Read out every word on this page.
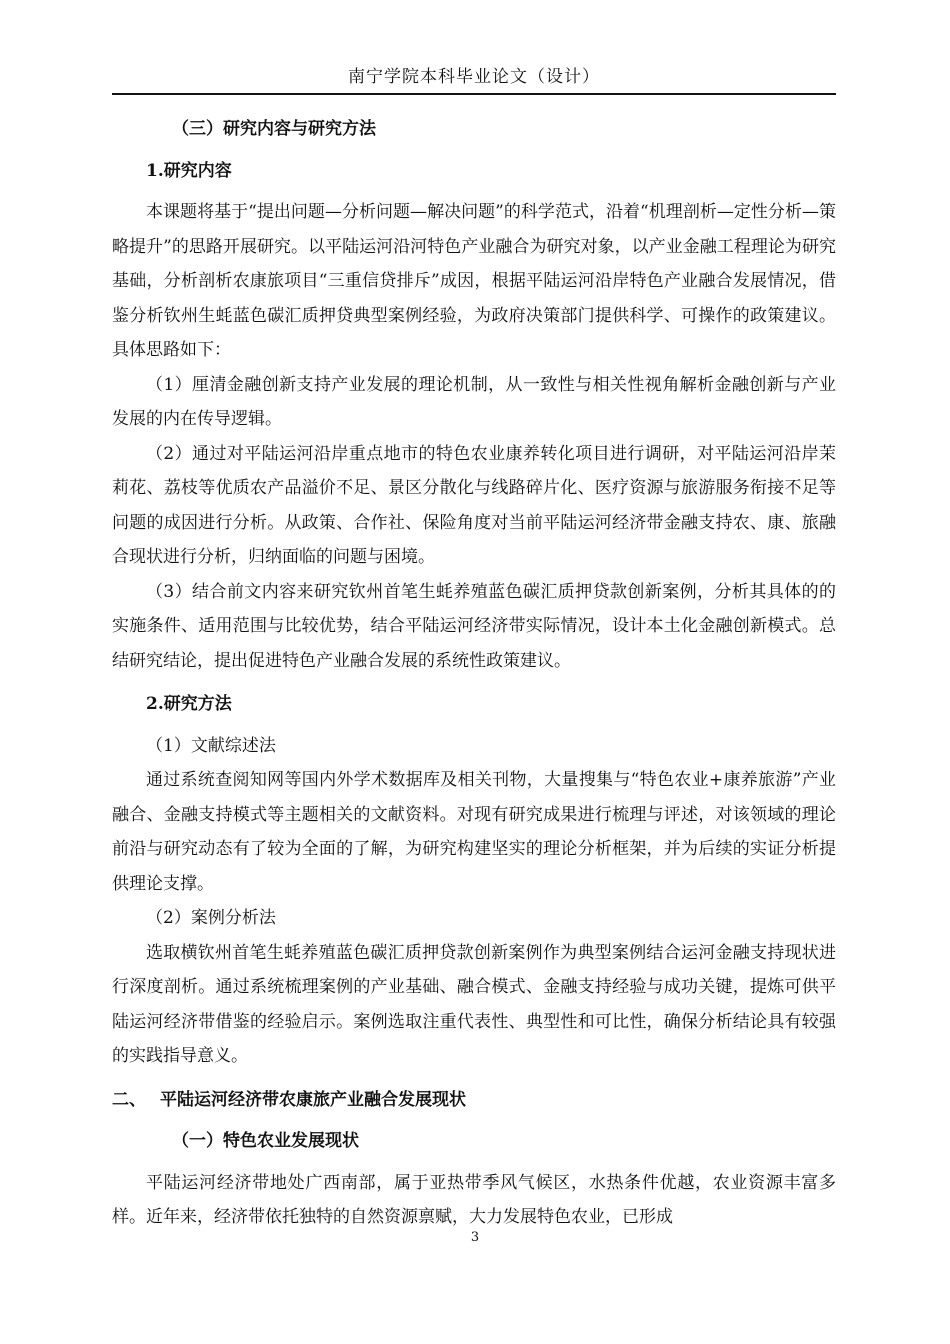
南宁学院本科毕业论文（设计）

（三）研究内容与研究方法

1.研究内容

本课题将基于“提出问题—分析问题—解决问题”的科学范式，沿着“机理剖析—定性分析—策略提升”的思路开展研究。以平陆运河沿河特色产业融合为研究对象，以产业金融工程理论为研究基础，分析剖析农康旅项目“三重信贷排斥”成因，根据平陆运河沿岸特色产业融合发展情况，借鉴分析钦州生蚝蓝色碳汇质押贷典型案例经验，为政府决策部门提供科学、可操作的政策建议。具体思路如下：

（1）厘清金融创新支持产业发展的理论机制，从一致性与相关性视角解析金融创新与产业发展的内在传导逻辑。

（2）通过对平陆运河沿岸重点地市的特色农业康养转化项目进行调研，对平陆运河沿岸茉莉花、荔枝等优质农产品溢价不足、景区分散化与线路碎片化、医疗资源与旅游服务衔接不足等问题的成因进行分析。从政策、合作社、保险角度对当前平陆运河经济带金融支持农、康、旅融合现状进行分析，归纳面临的问题与困境。

（3）结合前文内容来研究钦州首笔生蚝养殖蓝色碳汇质押贷款创新案例，分析其具体的的实施条件、适用范围与比较优势，结合平陆运河经济带实际情况，设计本土化金融创新模式。总结研究结论，提出促进特色产业融合发展的系统性政策建议。

2.研究方法

（1）文献综述法

通过系统查阅知网等国内外学术数据库及相关刊物，大量搜集与“特色农业+康养旅游”产业融合、金融支持模式等主题相关的文献资料。对现有研究成果进行梳理与评述，对该领域的理论前沿与研究动态有了较为全面的了解，为研究构建坚实的理论分析框架，并为后续的实证分析提供理论支撑。

（2）案例分析法

选取横钦州首笔生蚝养殖蓝色碳汇质押贷款创新案例作为典型案例结合运河金融支持现状进行深度剖析。通过系统梳理案例的产业基础、融合模式、金融支持经验与成功关键，提炼可供平陆运河经济带借鉴的经验启示。案例选取注重代表性、典型性和可比性，确保分析结论具有较强的实践指导意义。

二、 平陆运河经济带农康旅产业融合发展现状

（一）特色农业发展现状

平陆运河经济带地处广西南部，属于亚热带季风气候区，水热条件优越，农业资源丰富多样。近年来，经济带依托独特的自然资源禀赋，大力发展特色农业，已形成

3
